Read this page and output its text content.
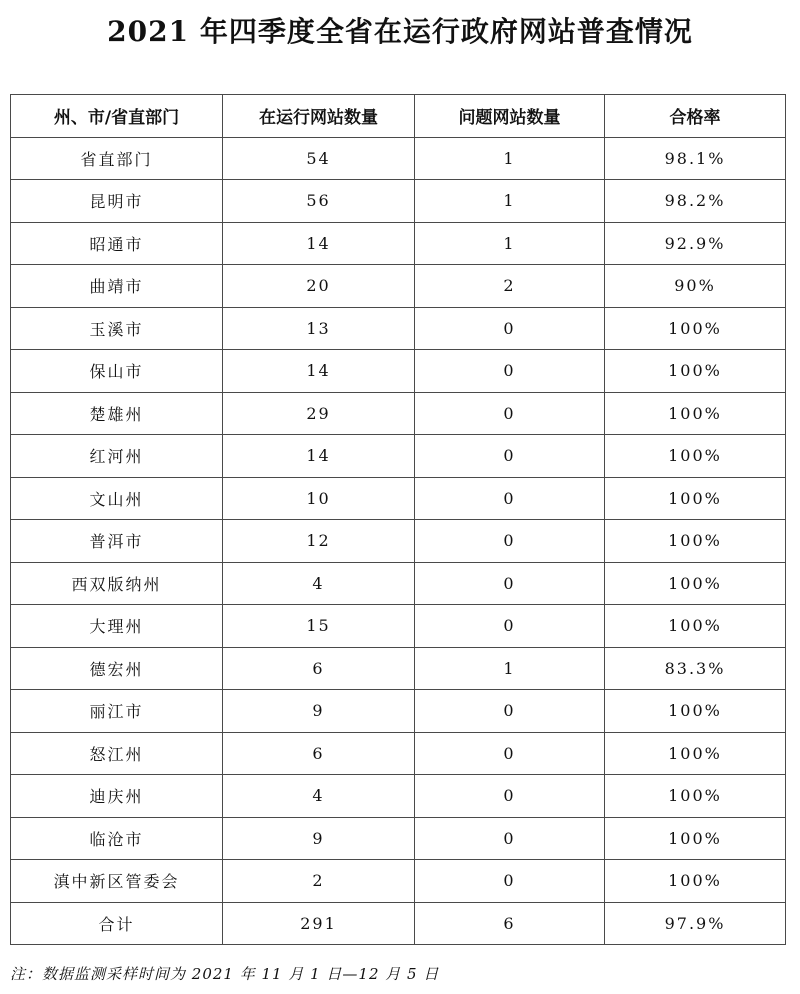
2021 年四季度全省在运行政府网站普查情况
州、市/省直部门	在运行网站数量	问题网站数量	合格率
省直部门	54	1	98.1%
昆明市	56	1	98.2%
昭通市	14	1	92.9%
曲靖市	20	2	90%
玉溪市	13	0	100%
保山市	14	0	100%
楚雄州	29	0	100%
红河州	14	0	100%
文山州	10	0	100%
普洱市	12	0	100%
西双版纳州	4	0	100%
大理州	15	0	100%
德宏州	6	1	83.3%
丽江市	9	0	100%
怒江州	6	0	100%
迪庆州	4	0	100%
临沧市	9	0	100%
滇中新区管委会	2	0	100%
合计	291	6	97.9%
注：数据监测采样时间为 2021 年 11 月 1 日—12 月 5 日
